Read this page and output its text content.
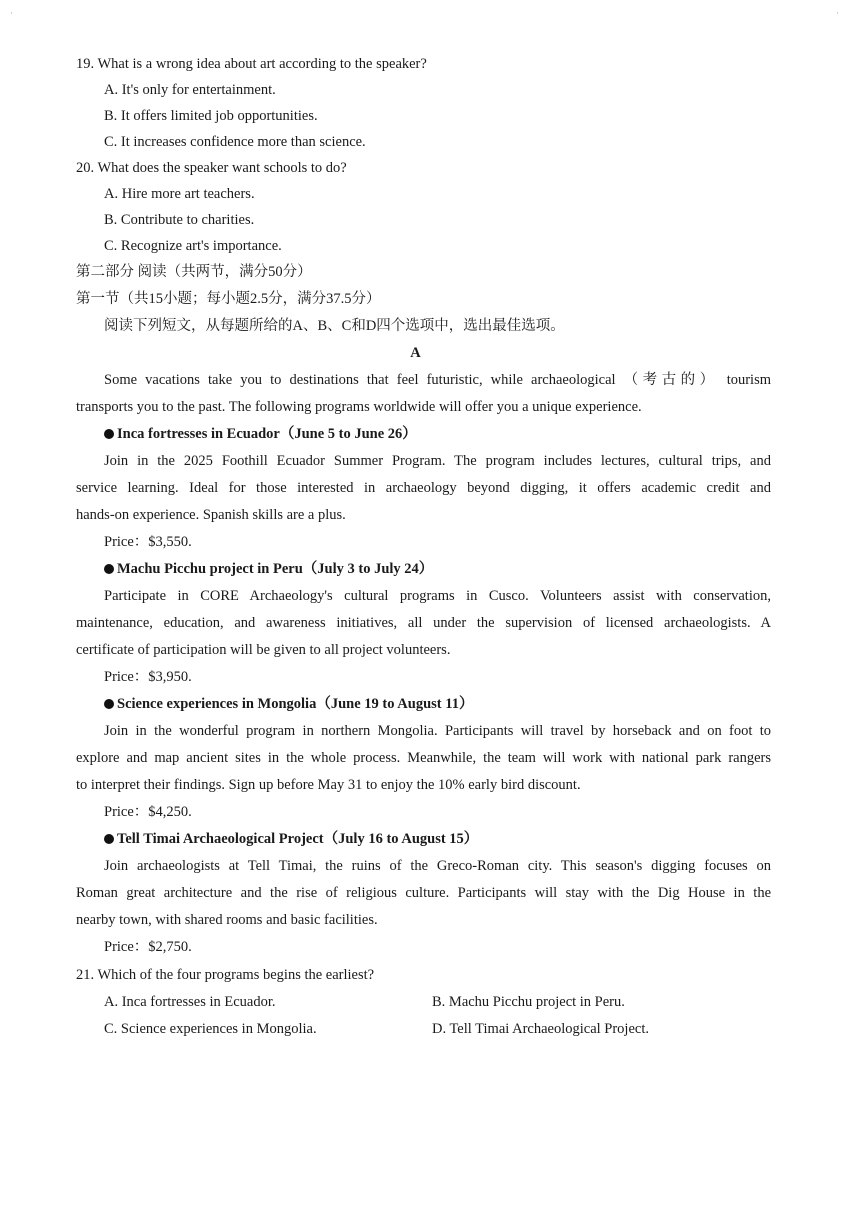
·	·
19. What is a wrong idea about art according to the speaker?
A. It's only for entertainment.
B. It offers limited job opportunities.
C. It increases confidence more than science.
20. What does the speaker want schools to do?
A. Hire more art teachers.
B. Contribute to charities.
C. Recognize art's importance.
第二部分 阅读（共两节，满分50分）
第一节（共15小题；每小题2.5分，满分37.5分）
阅读下列短文，从每题所给的A、B、C和D四个选项中，选出最佳选项。
A
Some vacations take you to destinations that feel futuristic, while archaeological （考古的） tourism
transports you to the past. The following programs worldwide will offer you a unique experience.
Inca fortresses in Ecuador（June 5 to June 26）
Join in the 2025 Foothill Ecuador Summer Program. The program includes lectures, cultural trips, and
service learning. Ideal for those interested in archaeology beyond digging, it offers academic credit and
hands-on experience. Spanish skills are a plus.
Price：$3,550.
Machu Picchu project in Peru（July 3 to July 24）
Participate in CORE Archaeology's cultural programs in Cusco. Volunteers assist with conservation,
maintenance, education, and awareness initiatives, all under the supervision of licensed archaeologists. A
certificate of participation will be given to all project volunteers.
Price：$3,950.
Science experiences in Mongolia（June 19 to August 11）
Join in the wonderful program in northern Mongolia. Participants will travel by horseback and on foot to
explore and map ancient sites in the whole process. Meanwhile, the team will work with national park rangers
to interpret their findings. Sign up before May 31 to enjoy the 10% early bird discount.
Price：$4,250.
Tell Timai Archaeological Project（July 16 to August 15）
Join archaeologists at Tell Timai, the ruins of the Greco-Roman city. This season's digging focuses on
Roman great architecture and the rise of religious culture. Participants will stay with the Dig House in the
nearby town, with shared rooms and basic facilities.
Price：$2,750.
21. Which of the four programs begins the earliest?
A. Inca fortresses in Ecuador.	B. Machu Picchu project in Peru.
C. Science experiences in Mongolia.	D. Tell Timai Archaeological Project.
